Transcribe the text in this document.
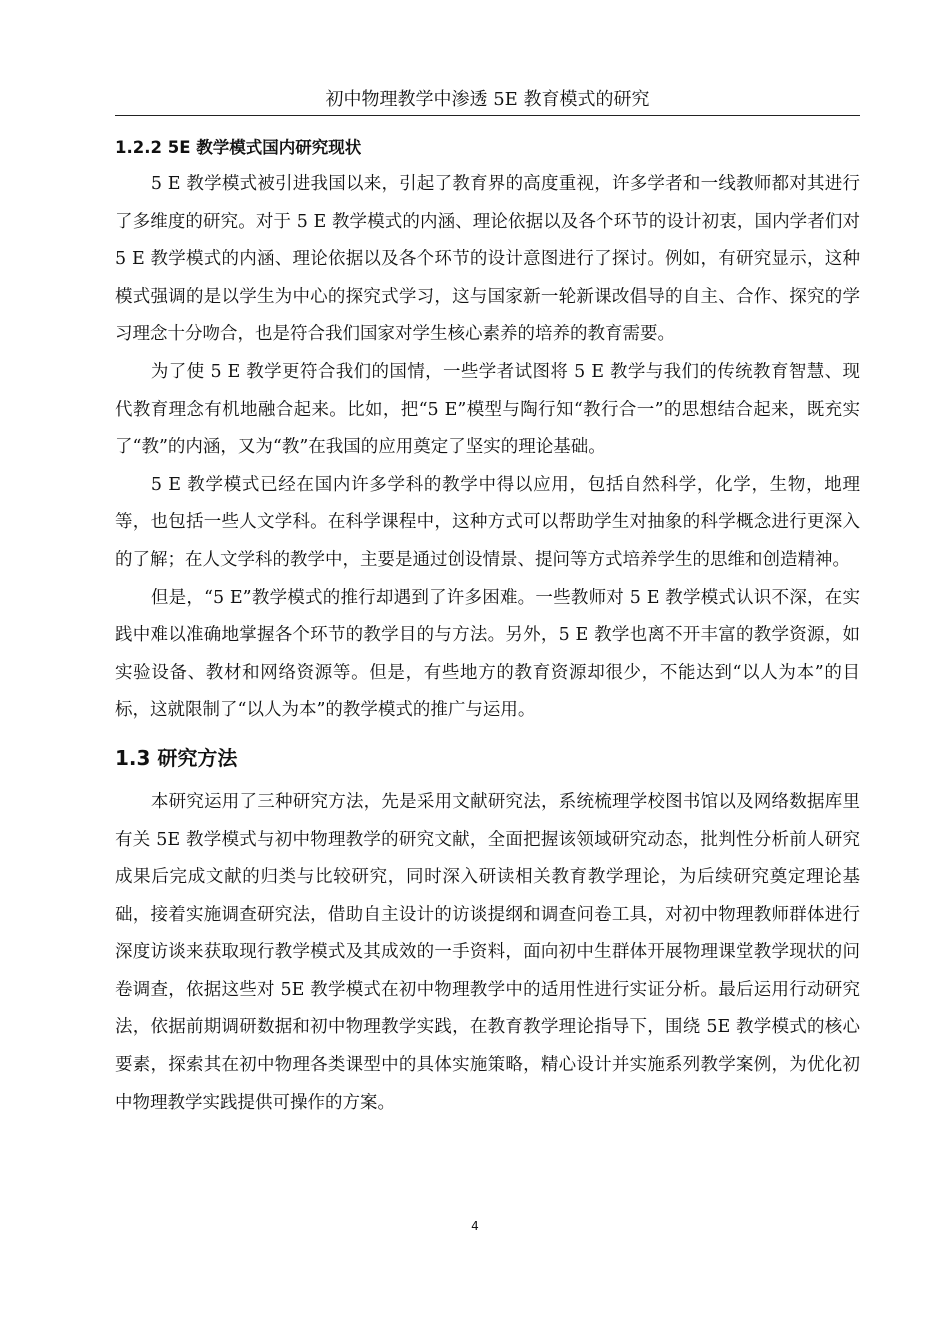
初中物理教学中渗透 5E 教育模式的研究
1.2.2 5E 教学模式国内研究现状

5 E 教学模式被引进我国以来，引起了教育界的高度重视，许多学者和一线教师都对其进行了多维度的研究。对于 5 E 教学模式的内涵、理论依据以及各个环节的设计初衷，国内学者们对 5 E 教学模式的内涵、理论依据以及各个环节的设计意图进行了探讨。例如，有研究显示，这种模式强调的是以学生为中心的探究式学习，这与国家新一轮新课改倡导的自主、合作、探究的学习理念十分吻合，也是符合我们国家对学生核心素养的培养的教育需要。

为了使 5 E 教学更符合我们的国情，一些学者试图将 5 E 教学与我们的传统教育智慧、现代教育理念有机地融合起来。比如，把“5 E”模型与陶行知“教行合一”的思想结合起来，既充实了“教”的内涵，又为“教”在我国的应用奠定了坚实的理论基础。

5 E 教学模式已经在国内许多学科的教学中得以应用，包括自然科学，化学，生物，地理等，也包括一些人文学科。在科学课程中，这种方式可以帮助学生对抽象的科学概念进行更深入的了解；在人文学科的教学中，主要是通过创设情景、提问等方式培养学生的思维和创造精神。

但是，“5 E”教学模式的推行却遇到了许多困难。一些教师对 5 E 教学模式认识不深，在实践中难以准确地掌握各个环节的教学目的与方法。另外，5 E 教学也离不开丰富的教学资源，如实验设备、教材和网络资源等。但是，有些地方的教育资源却很少，不能达到“以人为本”的目标，这就限制了“以人为本”的教学模式的推广与运用。

1.3 研究方法

本研究运用了三种研究方法，先是采用文献研究法，系统梳理学校图书馆以及网络数据库里有关 5E 教学模式与初中物理教学的研究文献，全面把握该领域研究动态，批判性分析前人研究成果后完成文献的归类与比较研究，同时深入研读相关教育教学理论，为后续研究奠定理论基础，接着实施调查研究法，借助自主设计的访谈提纲和调查问卷工具，对初中物理教师群体进行深度访谈来获取现行教学模式及其成效的一手资料，面向初中生群体开展物理课堂教学现状的问卷调查，依据这些对 5E 教学模式在初中物理教学中的适用性进行实证分析。最后运用行动研究法，依据前期调研数据和初中物理教学实践，在教育教学理论指导下，围绕 5E 教学模式的核心要素，探索其在初中物理各类课型中的具体实施策略，精心设计并实施系列教学案例，为优化初中物理教学实践提供可操作的方案。

4
